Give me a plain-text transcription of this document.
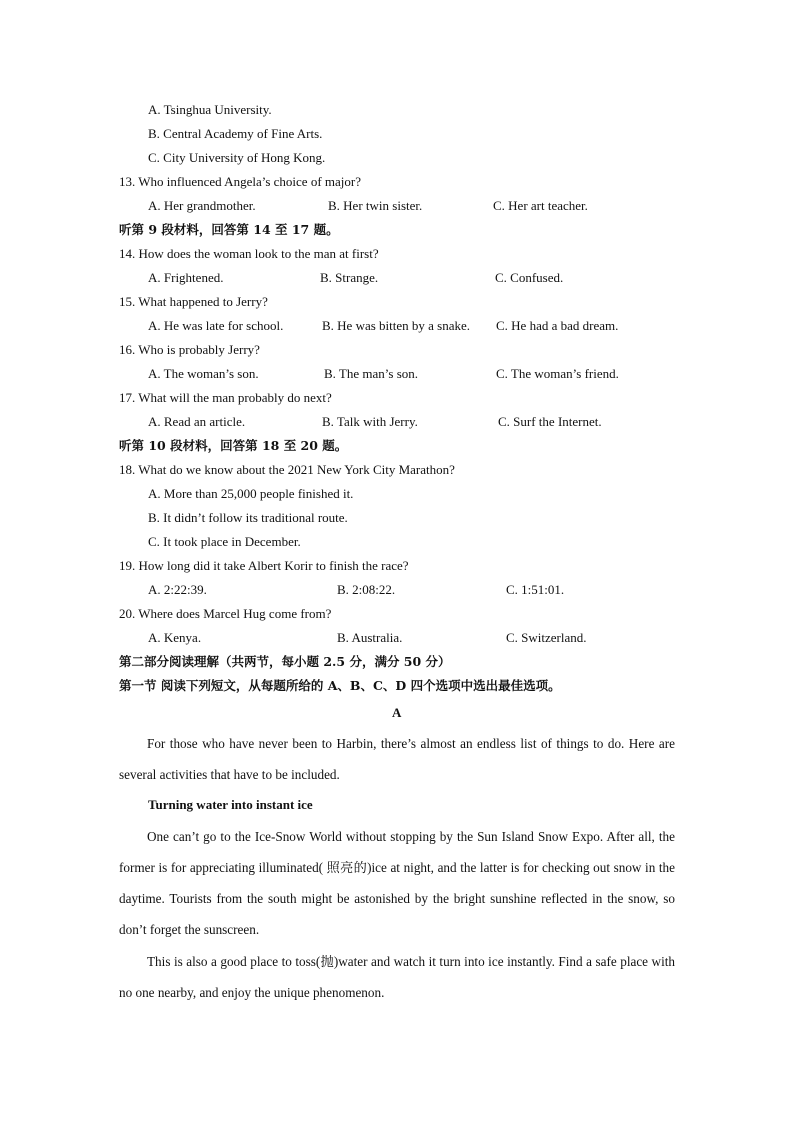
A. Tsinghua University.
B. Central Academy of Fine Arts.
C. City University of Hong Kong.
13. Who influenced Angela’s choice of major?
A. Her grandmother.	B. Her twin sister.	C. Her art teacher.
听第 9 段材料，回答第 14 至 17 题。
14. How does the woman look to the man at first?
A. Frightened.	B. Strange.	C. Confused.
15. What happened to Jerry?
A. He was late for school.	B. He was bitten by a snake. C. He had a bad dream.
16. Who is probably Jerry?
A. The woman’s son.	B. The man’s son.	C. The woman’s friend.
17. What will the man probably do next?
A. Read an article.	B. Talk with Jerry.	C. Surf the Internet.
听第 10 段材料，回答第 18 至 20 题。
18. What do we know about the 2021 New York City Marathon?
A. More than 25,000 people finished it.
B. It didn’t follow its traditional route.
C. It took place in December.
19. How long did it take Albert Korir to finish the race?
A. 2:22:39.	B. 2:08:22.	C. 1:51:01.
20. Where does Marcel Hug come from?
A. Kenya.	B. Australia.	C. Switzerland.
第二部分阅读理解（共两节，每小题 2.5 分，满分 50 分）
第一节 阅读下列短文，从每题所给的 A、B、C、D 四个选项中选出最佳选项。
A
For those who have never been to Harbin, there’s almost an endless list of things to do. Here are several activities that have to be included.
Turning water into instant ice
One can’t go to the Ice-Snow World without stopping by the Sun Island Snow Expo. After all, the former is for appreciating illuminated( 照亮的)ice at night, and the latter is for checking out snow in the daytime. Tourists from the south might be astonished by the bright sunshine reflected in the snow, so don’t forget the sunscreen.
This is also a good place to toss(抛)water and watch it turn into ice instantly. Find a safe place with no one nearby, and enjoy the unique phenomenon.
